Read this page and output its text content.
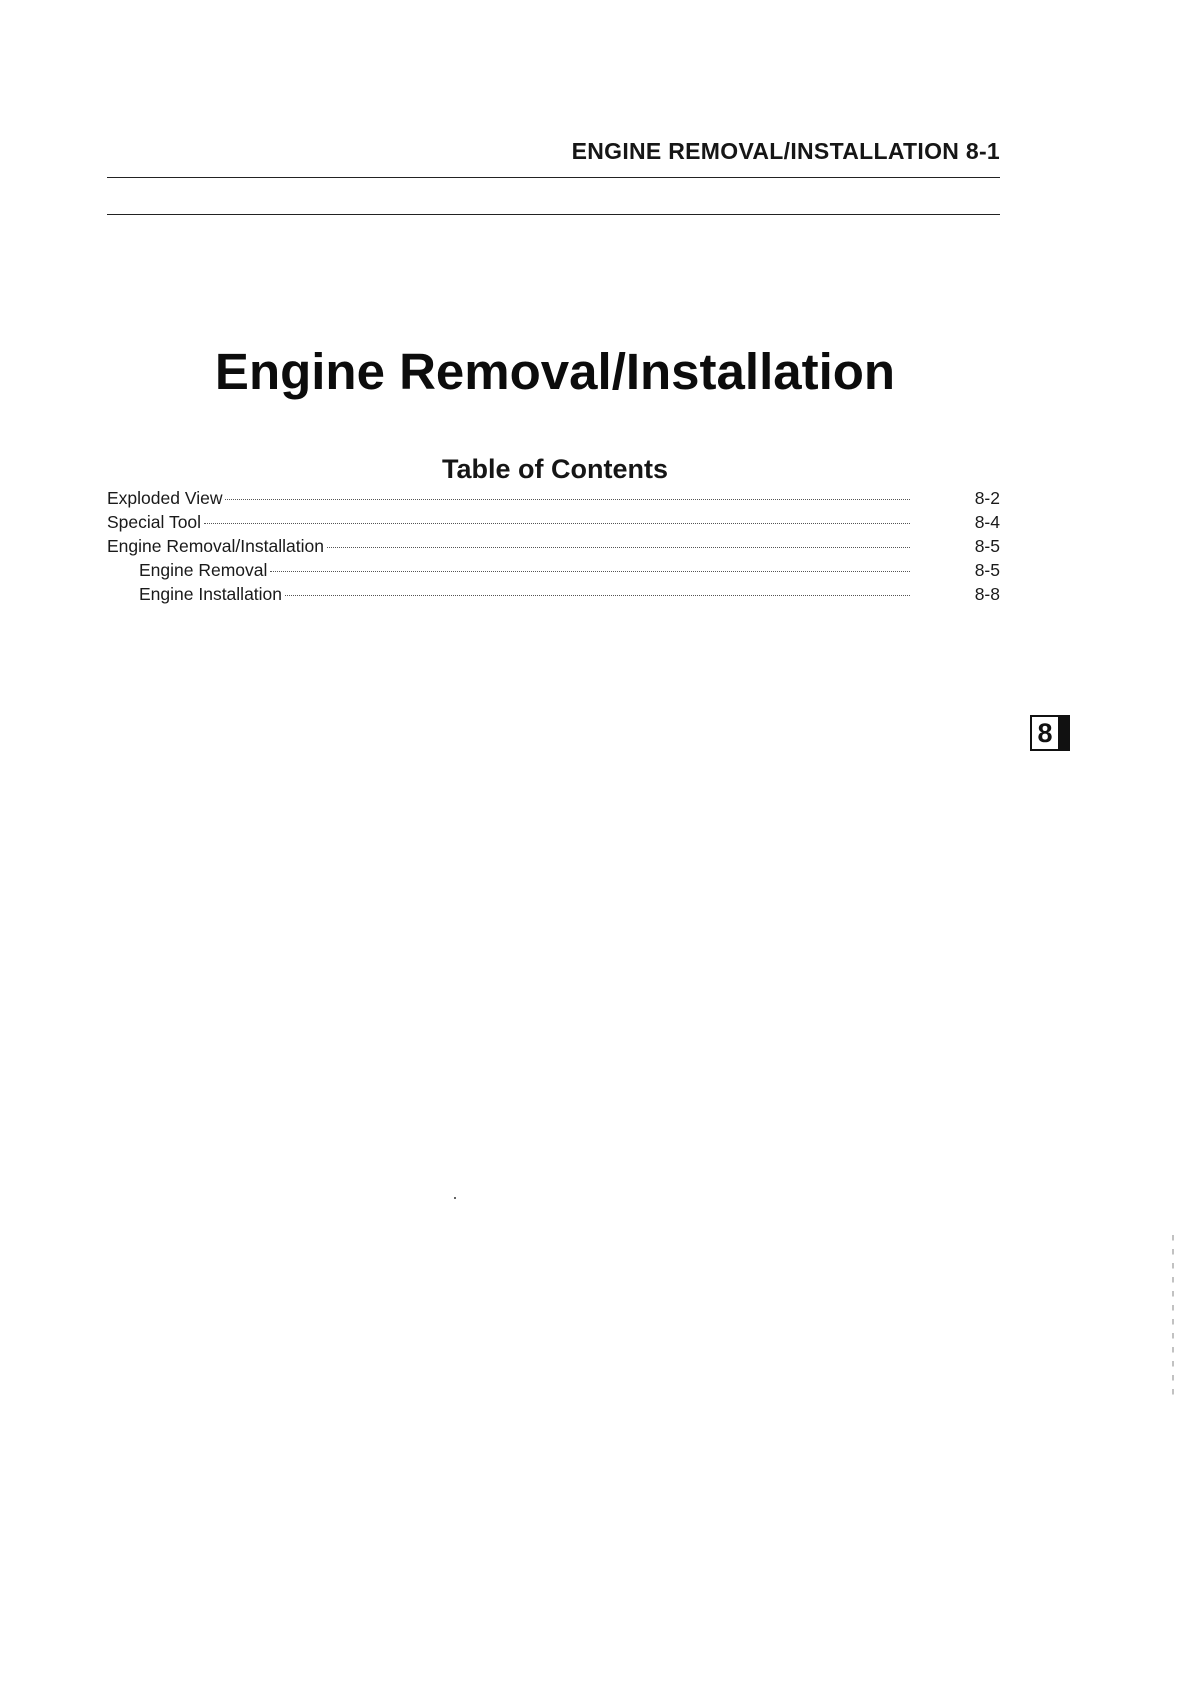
ENGINE REMOVAL/INSTALLATION 8-1
Engine Removal/Installation
Table of Contents
Exploded View	8-2
Special Tool	8-4
Engine Removal/Installation	8-5
Engine Removal	8-5
Engine Installation	8-8
8
